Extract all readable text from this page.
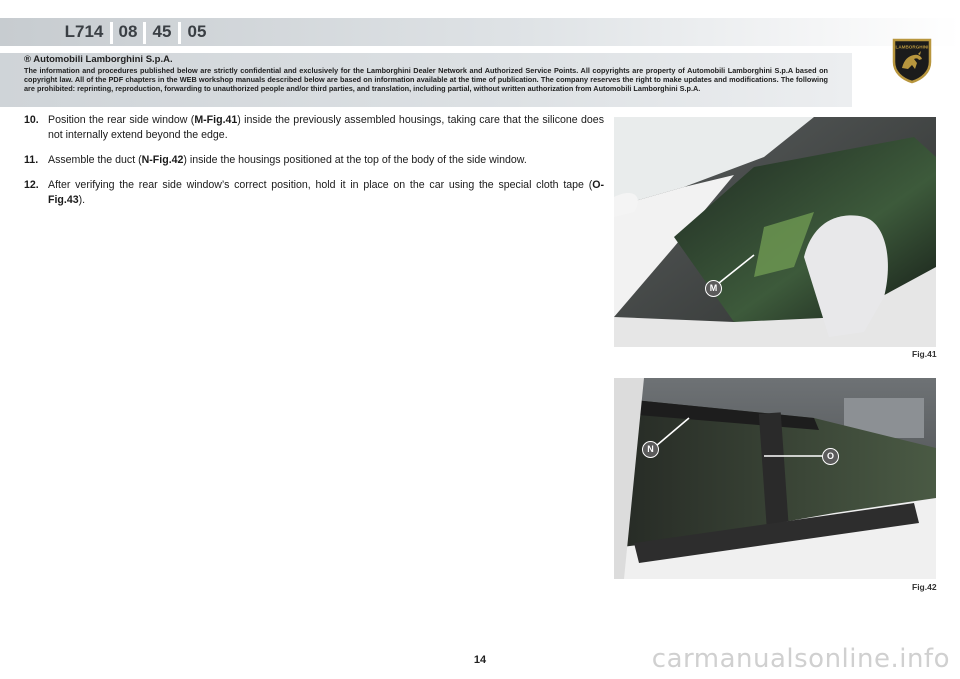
L714 08 45 05
LAMBORGHINI
® Automobili Lamborghini S.p.A.
The information and procedures published below are strictly confidential and exclusively for the Lamborghini Dealer Network and Authorized Service Points. All copyrights are property of Automobili Lamborghini S.p.A based on copyright law. All of the PDF chapters in the WEB workshop manuals described below are based on information available at the time of publication. The company reserves the right to make updates and modifications. The following are prohibited: reprinting, reproduction, forwarding to unauthorized people and/or third parties, and translation, including partial, without written authorization from Automobili Lamborghini S.p.A.
10. Position the rear side window (M-Fig.41) inside the previously assembled housings, taking care that the silicone does not internally extend beyond the edge.
11. Assemble the duct (N-Fig.42) inside the housings positioned at the top of the body of the side window.
12. After verifying the rear side window’s correct position, hold it in place on the car using the special cloth tape (O-Fig.43).
M
Fig.41
N
O
Fig.42
14	carmanualsonline.info
